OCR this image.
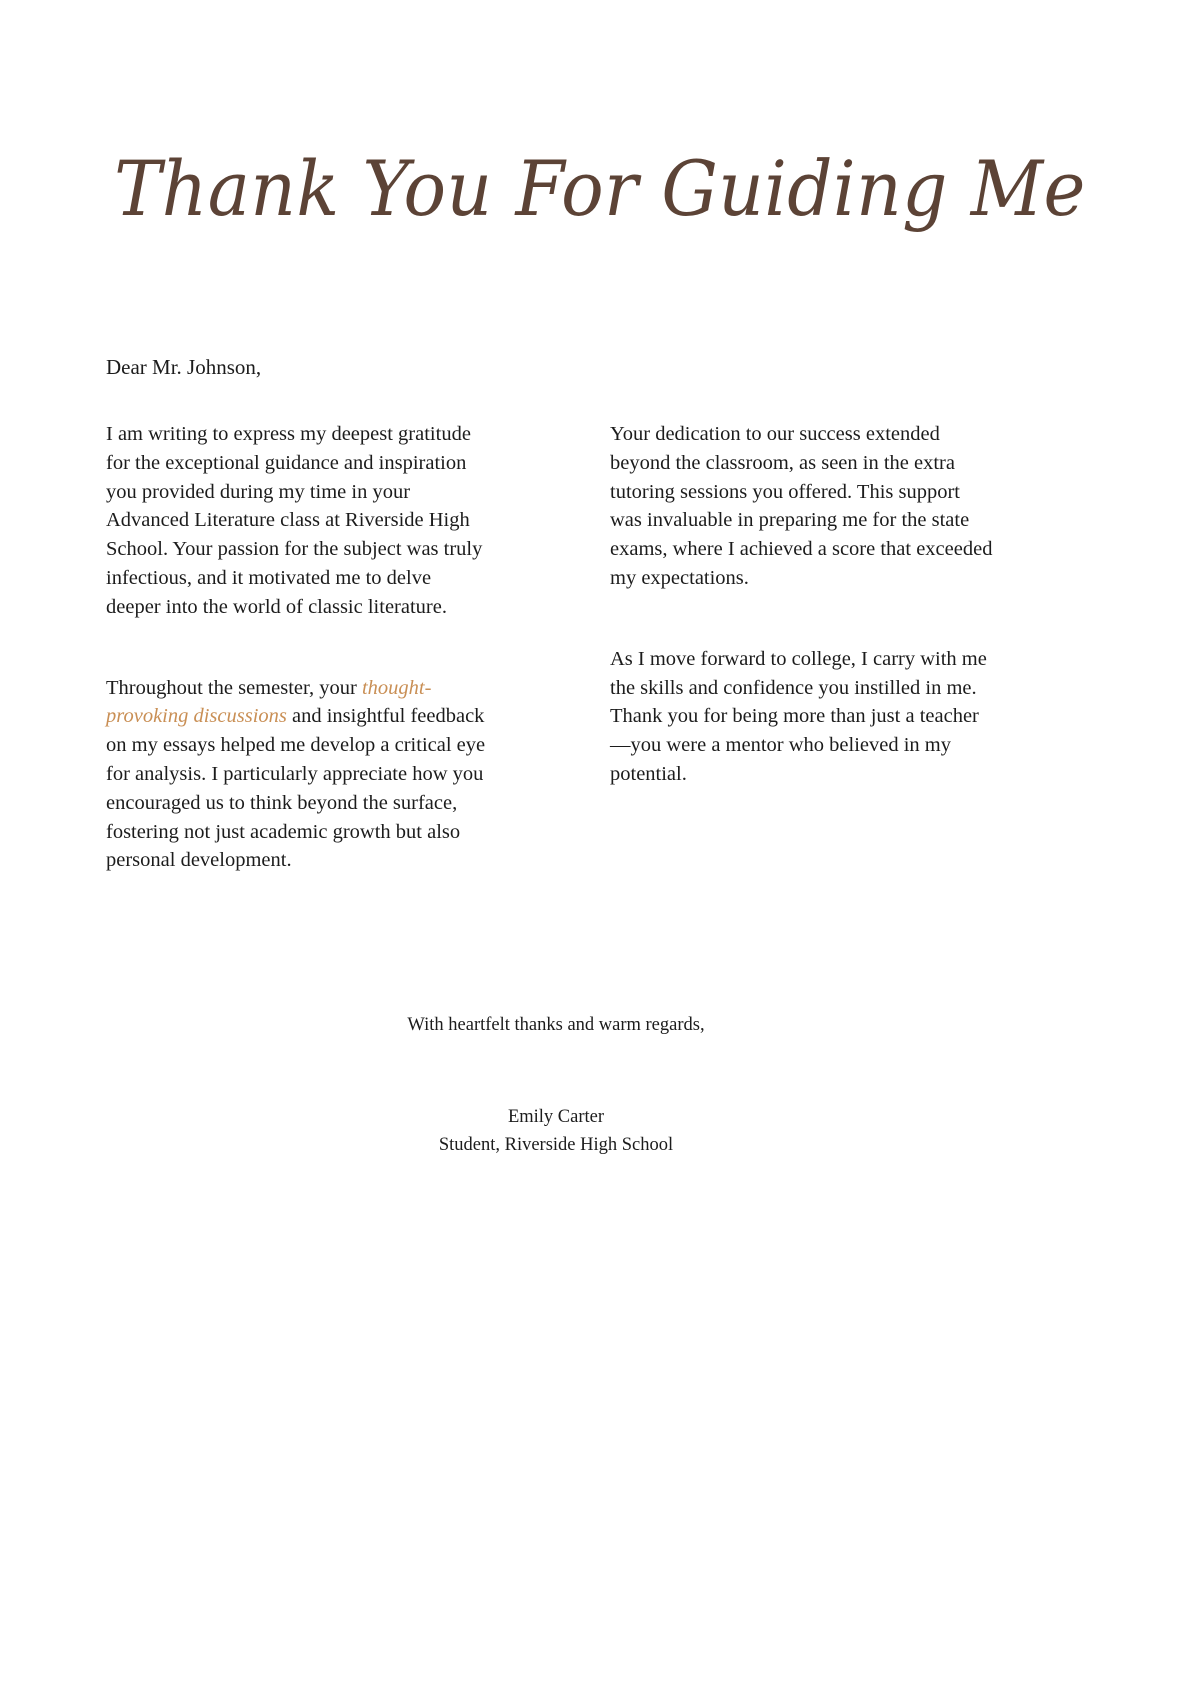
Thank You For Guiding Me
Dear Mr. Johnson,

I am writing to express my deepest gratitude for the exceptional guidance and inspiration you provided during my time in your Advanced Literature class at Riverside High School. Your passion for the subject was truly infectious, and it motivated me to delve deeper into the world of classic literature.

Throughout the semester, your thought-provoking discussions and insightful feedback on my essays helped me develop a critical eye for analysis. I particularly appreciate how you encouraged us to think beyond the surface, fostering not just academic growth but also personal development.

Your dedication to our success extended beyond the classroom, as seen in the extra tutoring sessions you offered. This support was invaluable in preparing me for the state exams, where I achieved a score that exceeded my expectations.

As I move forward to college, I carry with me the skills and confidence you instilled in me. Thank you for being more than just a teacher—you were a mentor who believed in my potential.

With heartfelt thanks and warm regards,
Emily Carter
Student, Riverside High School
